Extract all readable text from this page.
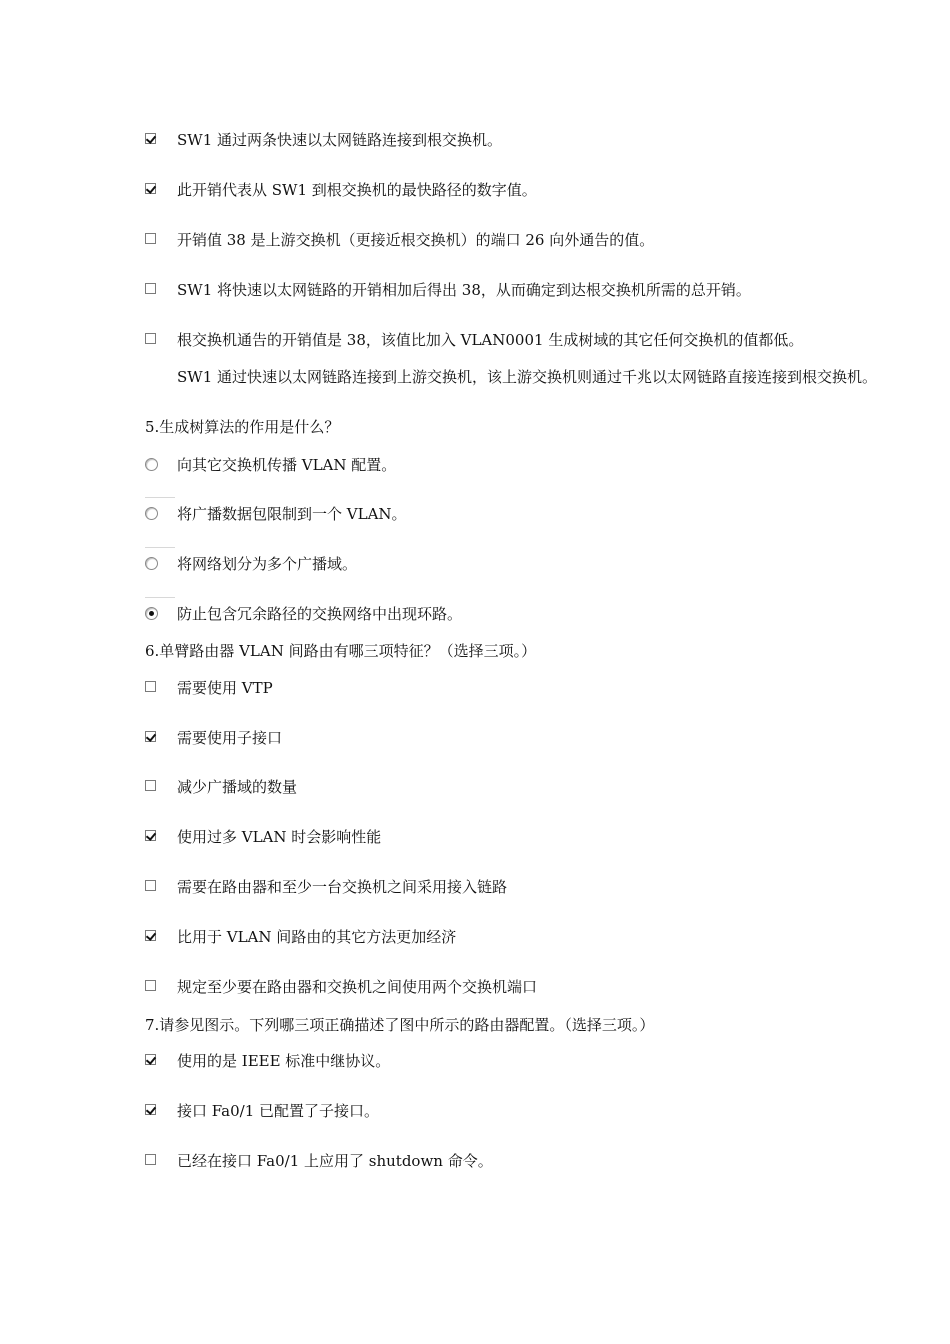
SW1 通过两条快速以太网链路连接到根交换机。
此开销代表从 SW1 到根交换机的最快路径的数字值。
开销值 38 是上游交换机（更接近根交换机）的端口 26 向外通告的值。
SW1 将快速以太网链路的开销相加后得出 38，从而确定到达根交换机所需的总开销。
根交换机通告的开销值是 38，该值比加入 VLAN0001 生成树域的其它任何交换机的值都低。
SW1 通过快速以太网链路连接到上游交换机，该上游交换机则通过千兆以太网链路直接连接到根交换机。
5.生成树算法的作用是什么？
向其它交换机传播 VLAN 配置。
将广播数据包限制到一个 VLAN。
将网络划分为多个广播域。
防止包含冗余路径的交换网络中出现环路。
6.单臂路由器 VLAN 间路由有哪三项特征？（选择三项。）
需要使用 VTP
需要使用子接口
减少广播域的数量
使用过多 VLAN 时会影响性能
需要在路由器和至少一台交换机之间采用接入链路
比用于 VLAN 间路由的其它方法更加经济
规定至少要在路由器和交换机之间使用两个交换机端口
7.请参见图示。下列哪三项正确描述了图中所示的路由器配置。（选择三项。）
使用的是 IEEE 标准中继协议。
接口 Fa0/1 已配置了子接口。
已经在接口 Fa0/1 上应用了 shutdown 命令。
